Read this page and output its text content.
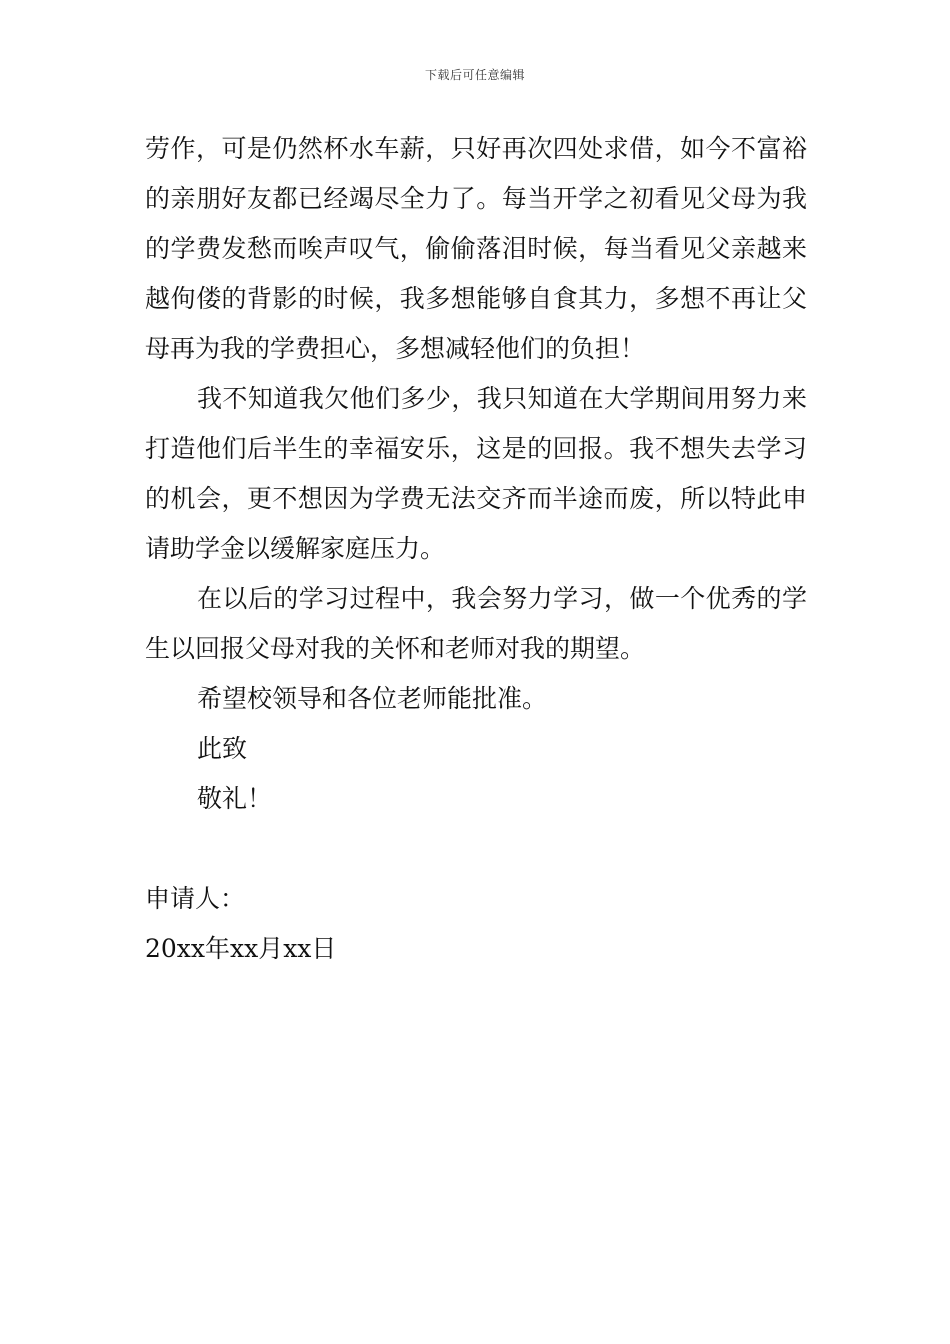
下载后可任意编辑

劳作，可是仍然杯水车薪，只好再次四处求借，如今不富裕的亲朋好友都已经竭尽全力了。每当开学之初看见父母为我的学费发愁而唉声叹气，偷偷落泪时候，每当看见父亲越来越佝偻的背影的时候，我多想能够自食其力，多想不再让父母再为我的学费担心，多想减轻他们的负担！

我不知道我欠他们多少，我只知道在大学期间用努力来打造他们后半生的幸福安乐，这是的回报。我不想失去学习的机会，更不想因为学费无法交齐而半途而废，所以特此申请助学金以缓解家庭压力。

在以后的学习过程中，我会努力学习，做一个优秀的学生以回报父母对我的关怀和老师对我的期望。

希望校领导和各位老师能批准。

此致

敬礼！

申请人：

20xx年xx月xx日
